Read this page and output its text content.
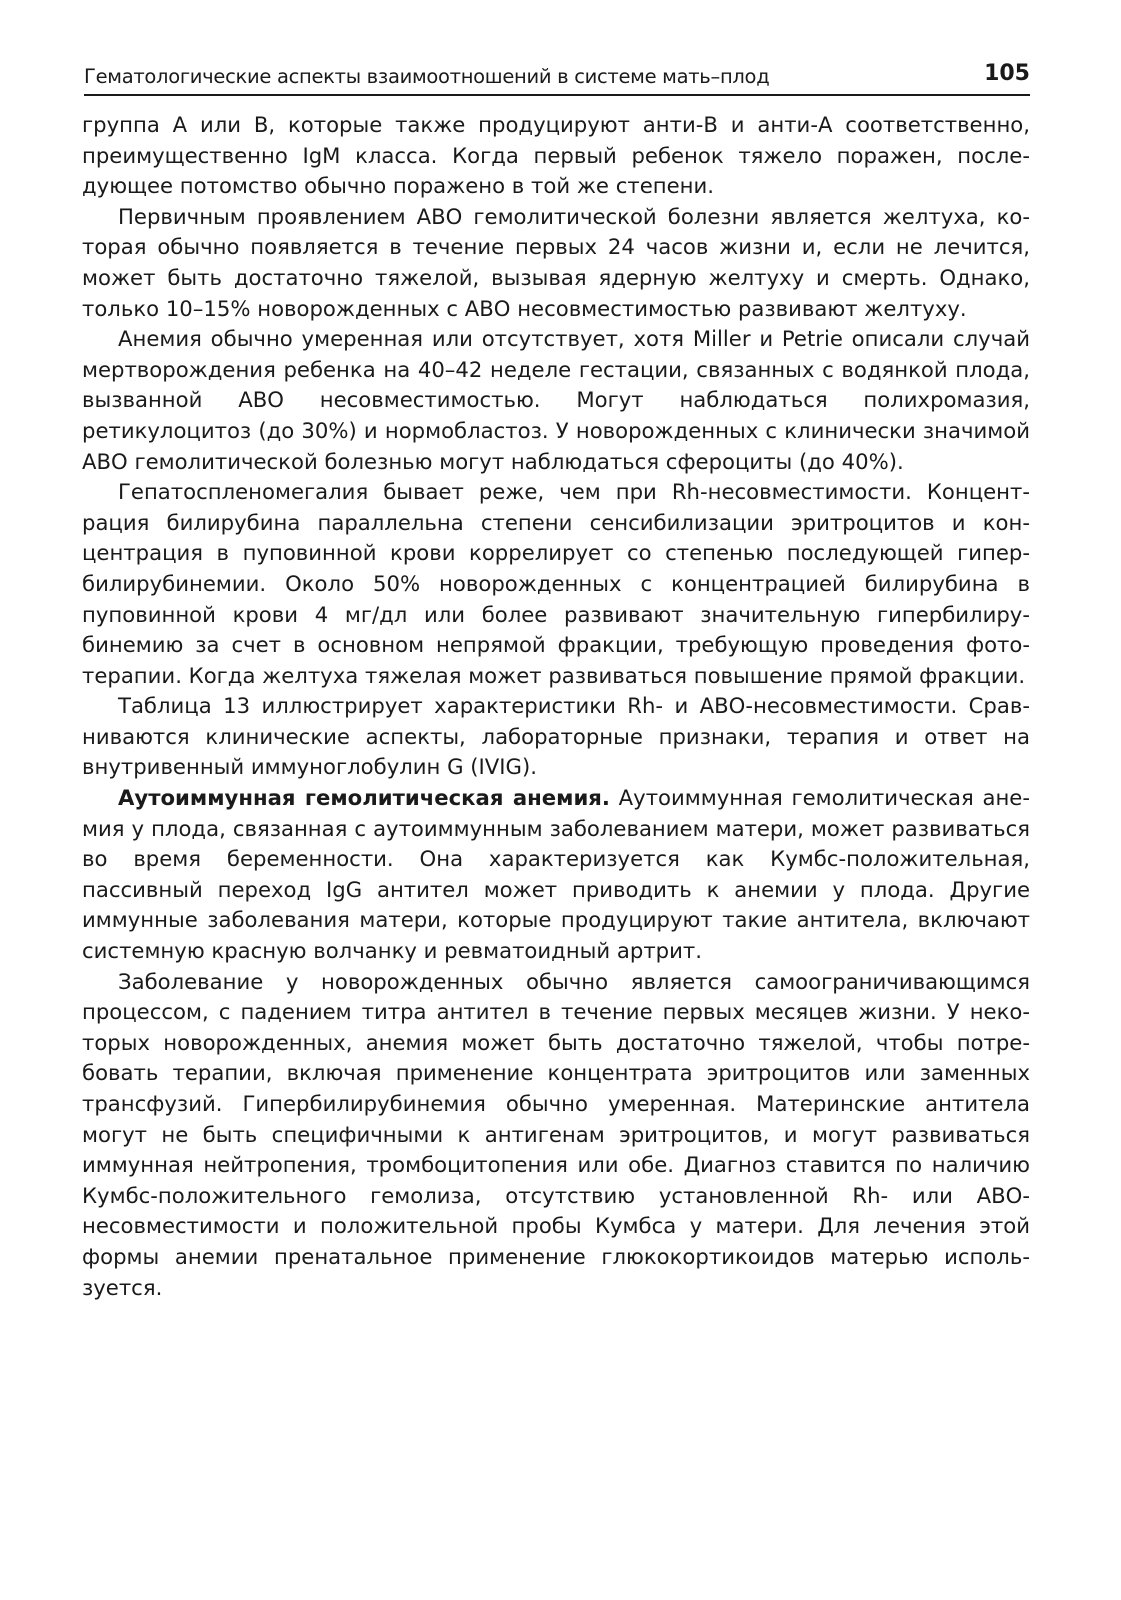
Гематологические аспекты взаимоотношений в системе мать–плод	105

группа А или В, которые также продуцируют анти-В и анти-А соответственно, преимущественно IgM класса. Когда первый ребенок тяжело поражен, последующее потомство обычно поражено в той же степени.

Первичным проявлением АВО гемолитической болезни является желтуха, которая обычно появляется в течение первых 24 часов жизни и, если не лечится, может быть достаточно тяжелой, вызывая ядерную желтуху и смерть. Однако, только 10–15% новорожденных с АВО несовместимостью развивают желтуху.

Анемия обычно умеренная или отсутствует, хотя Miller и Petrie описали случай мертворождения ребенка на 40–42 неделе гестации, связанных с водянкой плода, вызванной АВО несовместимостью. Могут наблюдаться полихромазия, ретикулоцитоз (до 30%) и нормобластоз. У новорожденных с клинически значимой АВО гемолитической болезнью могут наблюдаться сфероциты (до 40%).

Гепатоспленомегалия бывает реже, чем при Rh-несовместимости. Концентрация билирубина параллельна степени сенсибилизации эритроцитов и концентрация в пуповинной крови коррелирует со степенью последующей гипербилирубинемии. Около 50% новорожденных с концентрацией билирубина в пуповинной крови 4 мг/дл или более развивают значительную гипербилирубинемию за счет в основном непрямой фракции, требующую проведения фототерапии. Когда желтуха тяжелая может развиваться повышение прямой фракции.

Таблица 13 иллюстрирует характеристики Rh- и АВО-несовместимости. Сравниваются клинические аспекты, лабораторные признаки, терапия и ответ на внутривенный иммуноглобулин G (IVIG).

Аутоиммунная гемолитическая анемия. Аутоиммунная гемолитическая анемия у плода, связанная с аутоиммунным заболеванием матери, может развиваться во время беременности. Она характеризуется как Кумбс-положительная, пассивный переход IgG антител может приводить к анемии у плода. Другие иммунные заболевания матери, которые продуцируют такие антитела, включают системную красную волчанку и ревматоидный артрит.

Заболевание у новорожденных обычно является самоограничивающимся процессом, с падением титра антител в течение первых месяцев жизни. У некоторых новорожденных, анемия может быть достаточно тяжелой, чтобы потребовать терапии, включая применение концентрата эритроцитов или заменных трансфузий. Гипербилирубинемия обычно умеренная. Материнские антитела могут не быть специфичными к антигенам эритроцитов, и могут развиваться иммунная нейтропения, тромбоцитопения или обе. Диагноз ставится по наличию Кумбс-положительного гемолиза, отсутствию установленной Rh- или АВО-несовместимости и положительной пробы Кумбса у матери. Для лечения этой формы анемии пренатальное применение глюкокортикоидов матерью используется.
